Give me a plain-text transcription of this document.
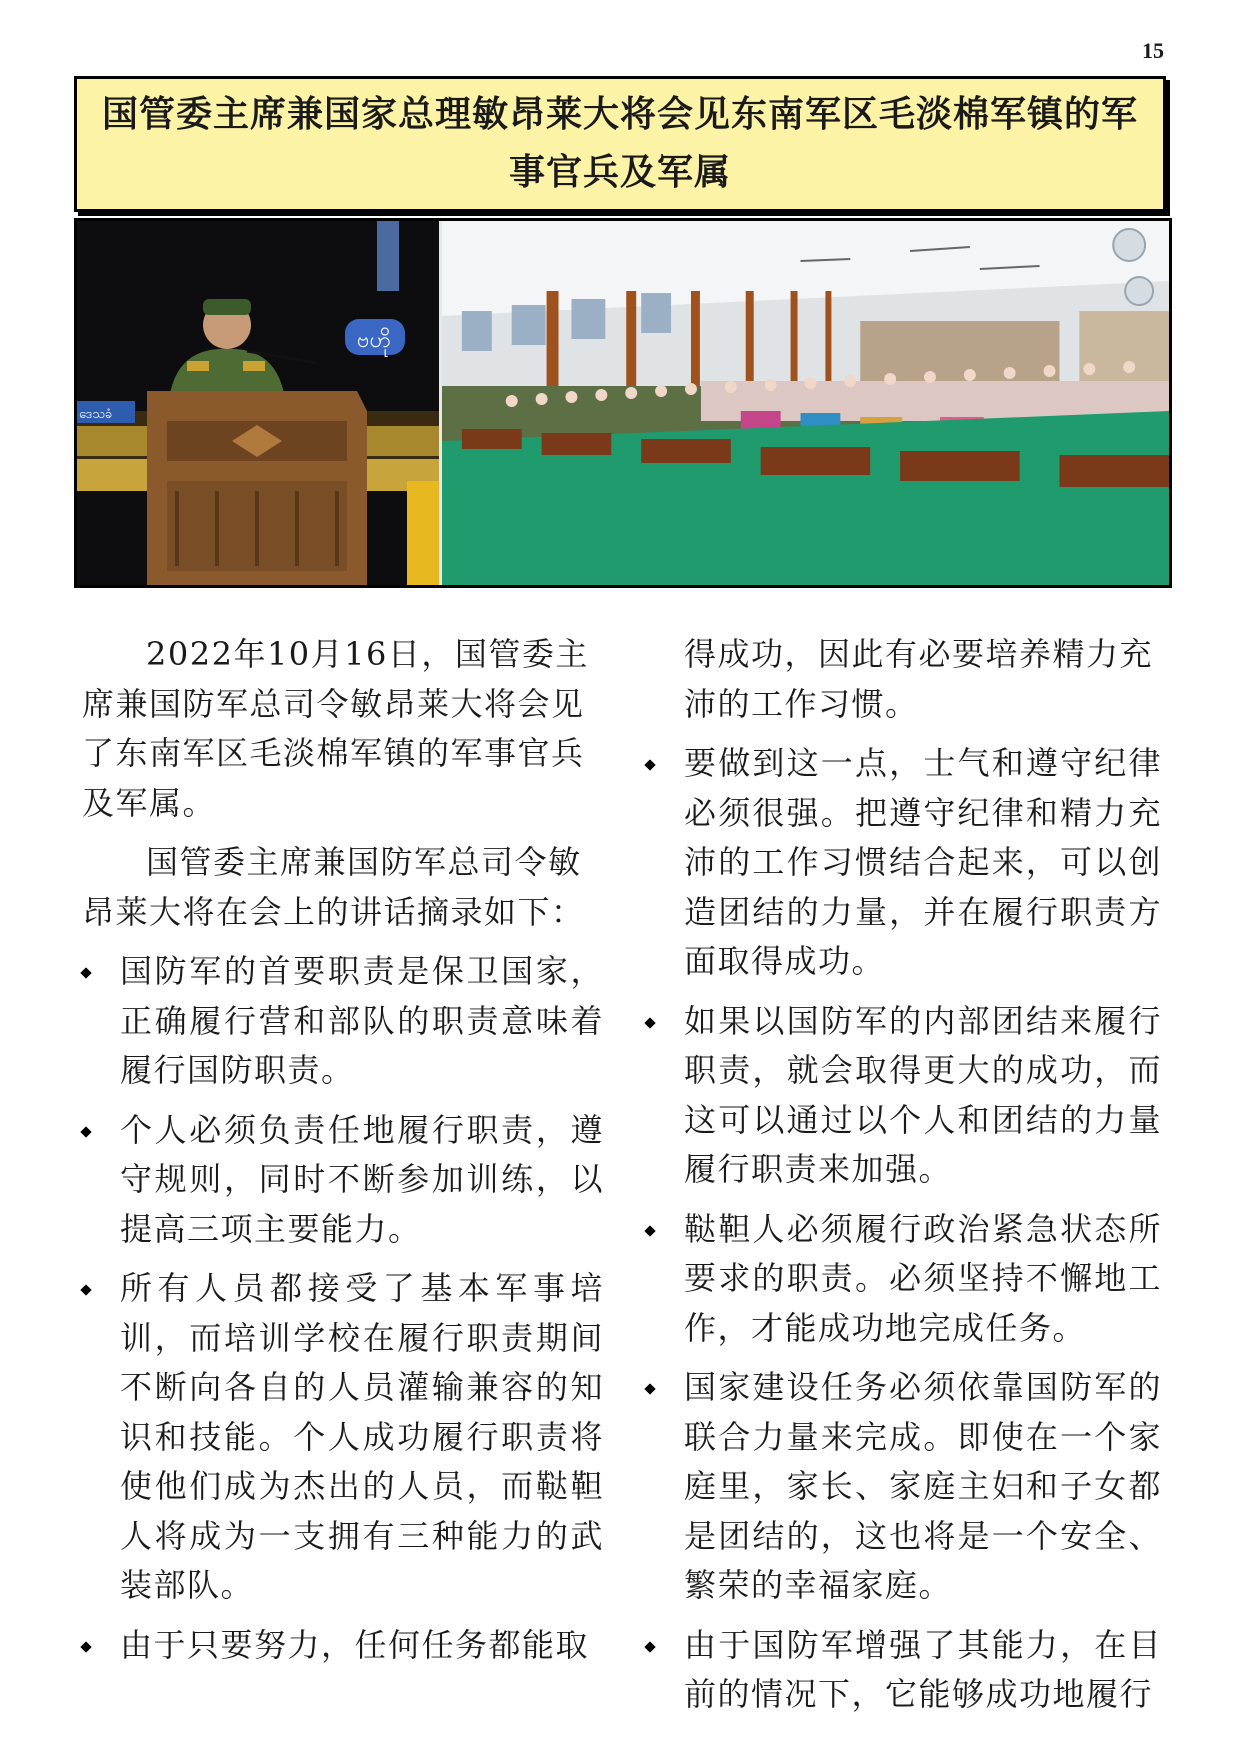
15
国管委主席兼国家总理敏昂莱大将会见东南军区毛淡棉军镇的军事官兵及军属
ဗဟို
ဒေသခံ

2022年10月16日，国管委主席兼国防军总司令敏昂莱大将会见了东南军区毛淡棉军镇的军事官兵及军属。

国管委主席兼国防军总司令敏昂莱大将在会上的讲话摘录如下：

国防军的首要职责是保卫国家，正确履行营和部队的职责意味着履行国防职责。

个人必须负责任地履行职责，遵守规则，同时不断参加训练，以提高三项主要能力。

所有人员都接受了基本军事培训，而培训学校在履行职责期间不断向各自的人员灌输兼容的知识和技能。个人成功履行职责将使他们成为杰出的人员，而鞑靼人将成为一支拥有三种能力的武装部队。

由于只要努力，任何任务都能取

得成功，因此有必要培养精力充沛的工作习惯。

要做到这一点，士气和遵守纪律必须很强。把遵守纪律和精力充沛的工作习惯结合起来，可以创造团结的力量，并在履行职责方面取得成功。

如果以国防军的内部团结来履行职责，就会取得更大的成功，而这可以通过以个人和团结的力量履行职责来加强。

鞑靼人必须履行政治紧急状态所要求的职责。必须坚持不懈地工作，才能成功地完成任务。

国家建设任务必须依靠国防军的联合力量来完成。即使在一个家庭里，家长、家庭主妇和子女都是团结的，这也将是一个安全、繁荣的幸福家庭。

由于国防军增强了其能力，在目前的情况下，它能够成功地履行
